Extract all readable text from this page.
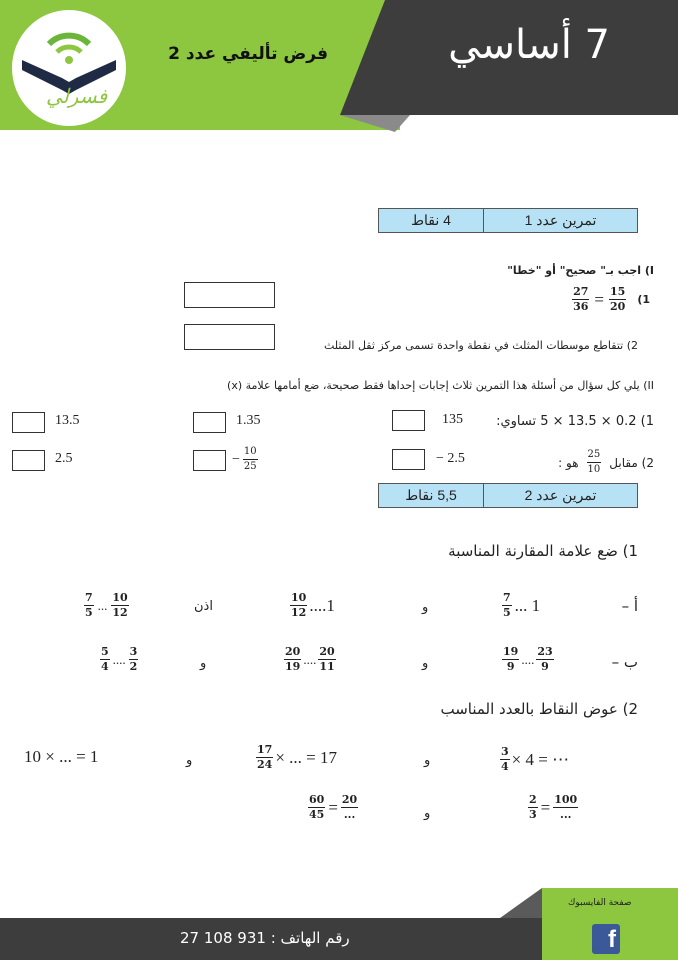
فسرلي
فرض تأليفي عدد 2	7 أساسي
تمرين عدد 1
4 نقاط
I) اجب بـ" صحيح" أو "خطا"
$\frac{27}{36} = \frac{15}{20} (1$
2) تتقاطع موسطات المثلث في نقطة واحدة تسمى مركز ثقل المثلث
II) يلي كل سؤال من أسئلة هذا التمرين ثلاث إجابات إحداها فقط صحيحة، ضع أمامها علامة (x)
1) 0.2 × 13.5 × 5 تساوي:
135
1.35
13.5
2) مقابل
$\frac{25}{10}$
هو :
− 2.5
− $\frac{10}{25}$
2.5
تمرين عدد 2
5,5 نقاط
1) ضع علامة المقارنة المناسبة
أ –
$\frac{7}{5}$ ... 1
و
$\frac{10}{12} ....1$
اذن
$\frac{7}{5}$ ... $\frac{10}{12}$
ب –
$\frac{19}{9}$ .... $\frac{23}{9}$
و
$\frac{20}{19}$ .... $\frac{20}{11}$
و
$\frac{5}{4}$ .... $\frac{3}{2}$
2) عوض النقاط بالعدد المناسب
$\frac{3}{4} \times 4$ = ⋯
و
$\frac{17}{24}$ × ... = 17
و
10 × ... = 1
$\frac{2}{3} = \frac{100}{...}$
و
$\frac{60}{45} = \frac{20}{...}$
رقم الهاتف : 931 108 27
صفحة الفايسبوك
f
